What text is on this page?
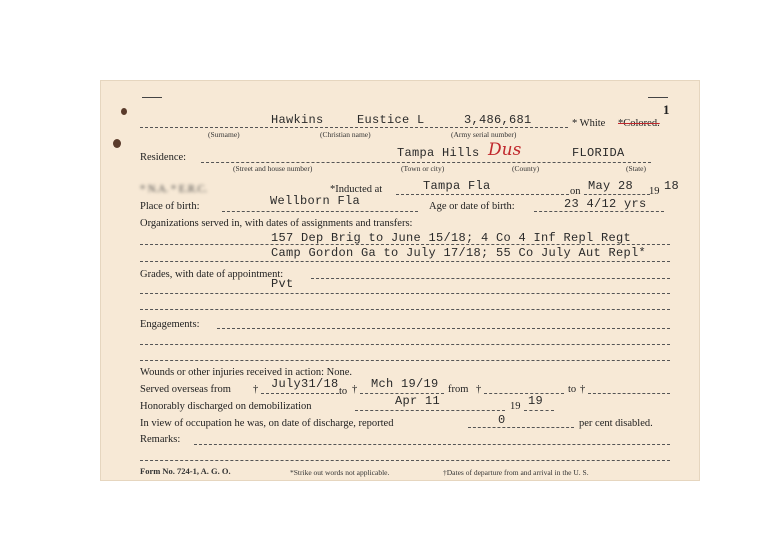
1
Hawkins	Eustice L	3,486,681	* White *Colored.
(Surname)	(Christian name)	(Army serial number)
Residence:	Tampa Hills Dus	FLORIDA
(Street and house number)	(Town or city)	(County)	(State)
* N.A. * E.R.C.	*Inducted at	Tampa Fla	on May 28 19 18
Place of birth:	Wellborn Fla	Age or date of birth:	23 4/12 yrs
Organizations served in, with dates of assignments and transfers:
157 Dep Brig to June 15/18; 4 Co 4 Inf Repl Regt
Camp Gordon Ga to July 17/18; 55 Co July Aut Repl*
Grades, with date of appointment:
Pvt
Engagements:
Wounds or other injuries received in action: None.
Served overseas from † July31/18
to † Mch 19/19 from †	to †
Honorably discharged on demobilization	Apr 11	19 19
In view of occupation he was, on date of discharge, reported	0	per cent disabled.
Remarks:
Form No. 724-1, A. G. O.	*Strike out words not applicable.	†Dates of departure from and arrival in the U. S.
